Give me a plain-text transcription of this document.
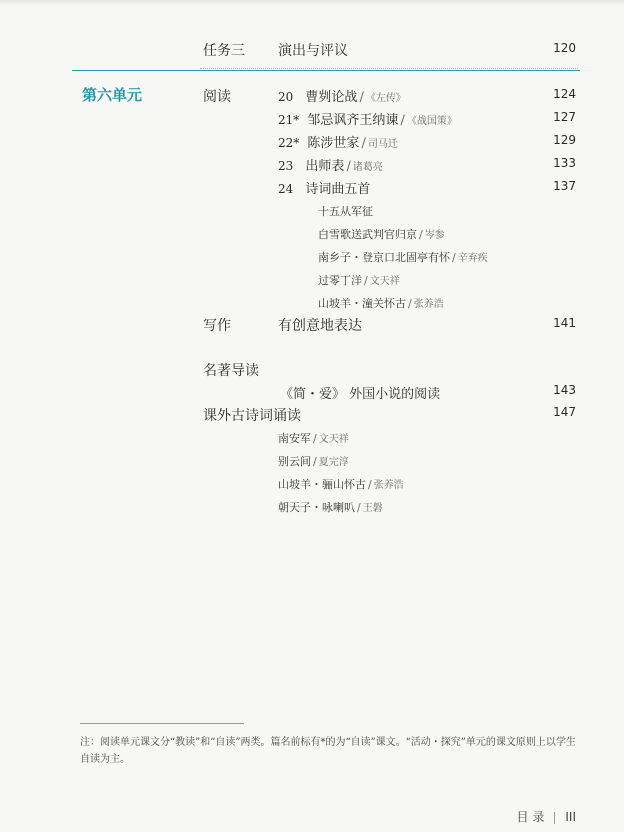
任务三 演出与评议	120
第六单元	阅读	20 曹刿论战 / 《左传》	124
21* 邹忌讽齐王纳谏 / 《战国策》	127
22* 陈涉世家 / 司马迁	129
23 出师表 / 诸葛亮	133
24 诗词曲五首	137
十五从军征
白雪歌送武判官归京 / 岑参
南乡子・登京口北固亭有怀 / 辛弃疾
过零丁洋 / 文天祥
山坡羊・潼关怀古 / 张养浩
写作	有创意地表达	141
名著导读
《简・爱》 外国小说的阅读	143
课外古诗词诵读	147
南安军 / 文天祥
别云间 / 夏完淳
山坡羊・骊山怀古 / 张养浩
朝天子・咏喇叭 / 王磐
注：阅读单元课文分“教读”和“自读”两类。篇名前标有*的为“自读”课文。“活动・探究”单元的课文原则上以学生自读为主。
目 录 III
